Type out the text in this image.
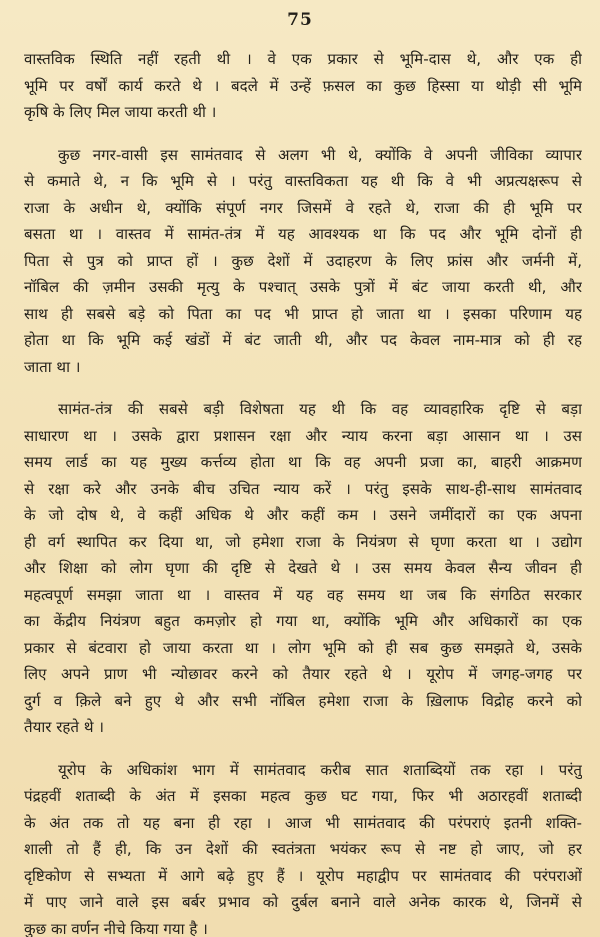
75
वास्तविक स्थिति नहीं रहती थी । वे एक प्रकार से भूमि-दास थे, और एक ही
भूमि पर वर्षों कार्य करते थे । बदले में उन्हें फ़सल का कुछ हिस्सा या थोड़ी सी भूमि
कृषि के लिए मिल जाया करती थी ।
कुछ नगर-वासी इस सामंतवाद से अलग भी थे, क्योंकि वे अपनी जीविका व्यापार
से कमाते थे, न कि भूमि से । परंतु वास्तविकता यह थी कि वे भी अप्रत्यक्षरूप से
राजा के अधीन थे, क्योंकि संपूर्ण नगर जिसमें वे रहते थे, राजा की ही भूमि पर
बसता था । वास्तव में सामंत-तंत्र में यह आवश्यक था कि पद और भूमि दोनों ही
पिता से पुत्र को प्राप्त हों । कुछ देशों में उदाहरण के लिए फ्रांस और जर्मनी में,
नॉबिल की ज़मीन उसकी मृत्यु के पश्चात् उसके पुत्रों में बंट जाया करती थी, और
साथ ही सबसे बड़े को पिता का पद भी प्राप्त हो जाता था । इसका परिणाम यह
होता था कि भूमि कई खंडों में बंट जाती थी, और पद केवल नाम-मात्र को ही रह
जाता था ।
सामंत-तंत्र की सबसे बड़ी विशेषता यह थी कि वह व्यावहारिक दृष्टि से बड़ा
साधारण था । उसके द्वारा प्रशासन रक्षा और न्याय करना बड़ा आसान था । उस
समय लार्ड का यह मुख्य कर्त्तव्य होता था कि वह अपनी प्रजा का, बाहरी आक्रमण
से रक्षा करे और उनके बीच उचित न्याय करें । परंतु इसके साथ-ही-साथ सामंतवाद
के जो दोष थे, वे कहीं अधिक थे और कहीं कम । उसने जमींदारों का एक अपना
ही वर्ग स्थापित कर दिया था, जो हमेशा राजा के नियंत्रण से घृणा करता था । उद्योग
और शिक्षा को लोग घृणा की दृष्टि से देखते थे । उस समय केवल सैन्य जीवन ही
महत्वपूर्ण समझा जाता था । वास्तव में यह वह समय था जब कि संगठित सरकार
का केंद्रीय नियंत्रण बहुत कमज़ोर हो गया था, क्योंकि भूमि और अधिकारों का एक
प्रकार से बंटवारा हो जाया करता था । लोग भूमि को ही सब कुछ समझते थे, उसके
लिए अपने प्राण भी न्योछावर करने को तैयार रहते थे । यूरोप में जगह-जगह पर
दुर्ग व क़िले बने हुए थे और सभी नॉबिल हमेशा राजा के ख़िलाफ विद्रोह करने को
तैयार रहते थे ।
यूरोप के अधिकांश भाग में सामंतवाद करीब सात शताब्दियों तक रहा । परंतु
पंद्रहवीं शताब्दी के अंत में इसका महत्व कुछ घट गया, फिर भी अठारहवीं शताब्दी
के अंत तक तो यह बना ही रहा । आज भी सामंतवाद की परंपराएं इतनी शक्ति-
शाली तो हैं ही, कि उन देशों की स्वतंत्रता भयंकर रूप से नष्ट हो जाए, जो हर
दृष्टिकोण से सभ्यता में आगे बढ़े हुए हैं । यूरोप महाद्वीप पर सामंतवाद की परंपराओं
में पाए जाने वाले इस बर्बर प्रभाव को दुर्बल बनाने वाले अनेक कारक थे, जिनमें से
कुछ का वर्णन नीचे किया गया है ।
